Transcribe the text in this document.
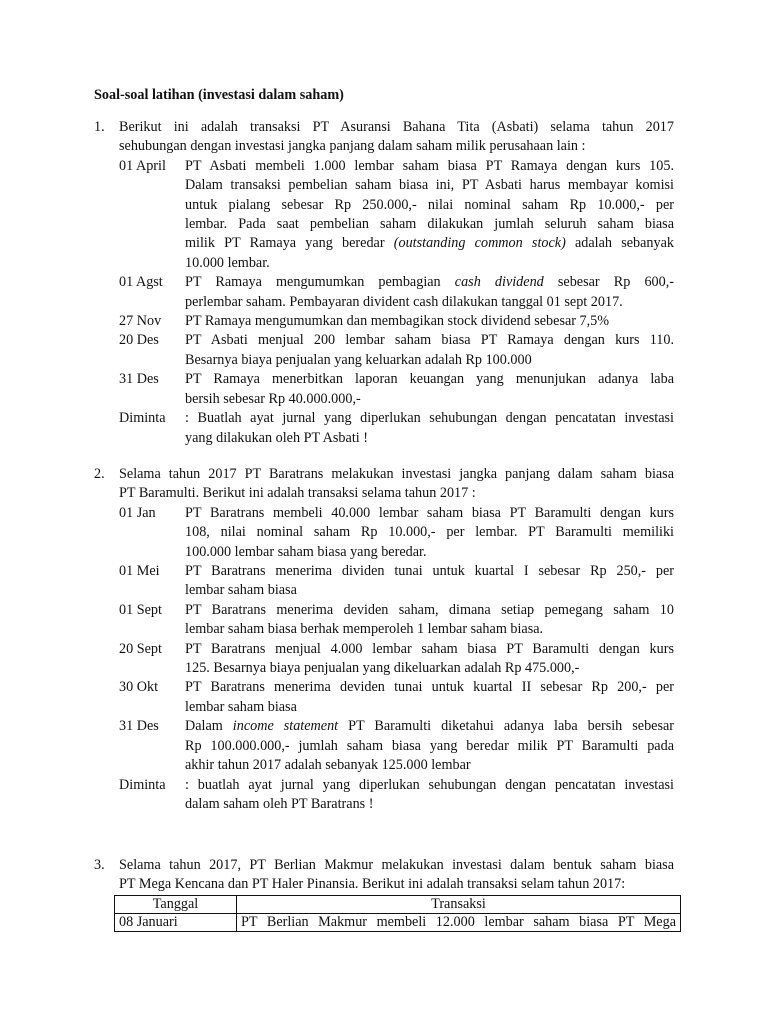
Soal-soal latihan (investasi dalam saham)
1.	Berikut ini adalah transaksi PT Asuransi Bahana Tita (Asbati) selama tahun 2017
sehubungan dengan investasi jangka panjang dalam saham milik perusahaan lain :
01 April	PT Asbati membeli 1.000 lembar saham biasa PT Ramaya dengan kurs 105.
Dalam transaksi pembelian saham biasa ini, PT Asbati harus membayar komisi
untuk pialang sebesar Rp 250.000,- nilai nominal saham Rp 10.000,- per
lembar. Pada saat pembelian saham dilakukan jumlah seluruh saham biasa
milik PT Ramaya yang beredar (outstanding common stock) adalah sebanyak
10.000 lembar.
01 Agst	PT Ramaya mengumumkan pembagian cash dividend sebesar Rp 600,-
perlembar saham. Pembayaran divident cash dilakukan tanggal 01 sept 2017.
27 Nov	PT Ramaya mengumumkan dan membagikan stock dividend sebesar 7,5%
20 Des	PT Asbati menjual 200 lembar saham biasa PT Ramaya dengan kurs 110.
Besarnya biaya penjualan yang keluarkan adalah Rp 100.000
31 Des	PT Ramaya menerbitkan laporan keuangan yang menunjukan adanya laba
bersih sebesar Rp 40.000.000,-
Diminta	: Buatlah ayat jurnal yang diperlukan sehubungan dengan pencatatan investasi
yang dilakukan oleh PT Asbati !
2.	Selama tahun 2017 PT Baratrans melakukan investasi jangka panjang dalam saham biasa
PT Baramulti. Berikut ini adalah transaksi selama tahun 2017 :
01 Jan	PT Baratrans membeli 40.000 lembar saham biasa PT Baramulti dengan kurs
108, nilai nominal saham Rp 10.000,- per lembar. PT Baramulti memiliki
100.000 lembar saham biasa yang beredar.
01 Mei	PT Baratrans menerima dividen tunai untuk kuartal I sebesar Rp 250,- per
lembar saham biasa
01 Sept	PT Baratrans menerima deviden saham, dimana setiap pemegang saham 10
lembar saham biasa berhak memperoleh 1 lembar saham biasa.
20 Sept	PT Baratrans menjual 4.000 lembar saham biasa PT Baramulti dengan kurs
125. Besarnya biaya penjualan yang dikeluarkan adalah Rp 475.000,-
30 Okt	PT Baratrans menerima deviden tunai untuk kuartal II sebesar Rp 200,- per
lembar saham biasa
31 Des	Dalam income statement PT Baramulti diketahui adanya laba bersih sebesar
Rp 100.000.000,- jumlah saham biasa yang beredar milik PT Baramulti pada
akhir tahun 2017 adalah sebanyak 125.000 lembar
Diminta	: buatlah ayat jurnal yang diperlukan sehubungan dengan pencatatan investasi
dalam saham oleh PT Baratrans !
3.	Selama tahun 2017, PT Berlian Makmur melakukan investasi dalam bentuk saham biasa
PT Mega Kencana dan PT Haler Pinansia. Berikut ini adalah transaksi selam tahun 2017:
Tanggal	Transaksi
08 Januari	PT Berlian Makmur membeli 12.000 lembar saham biasa PT Mega
